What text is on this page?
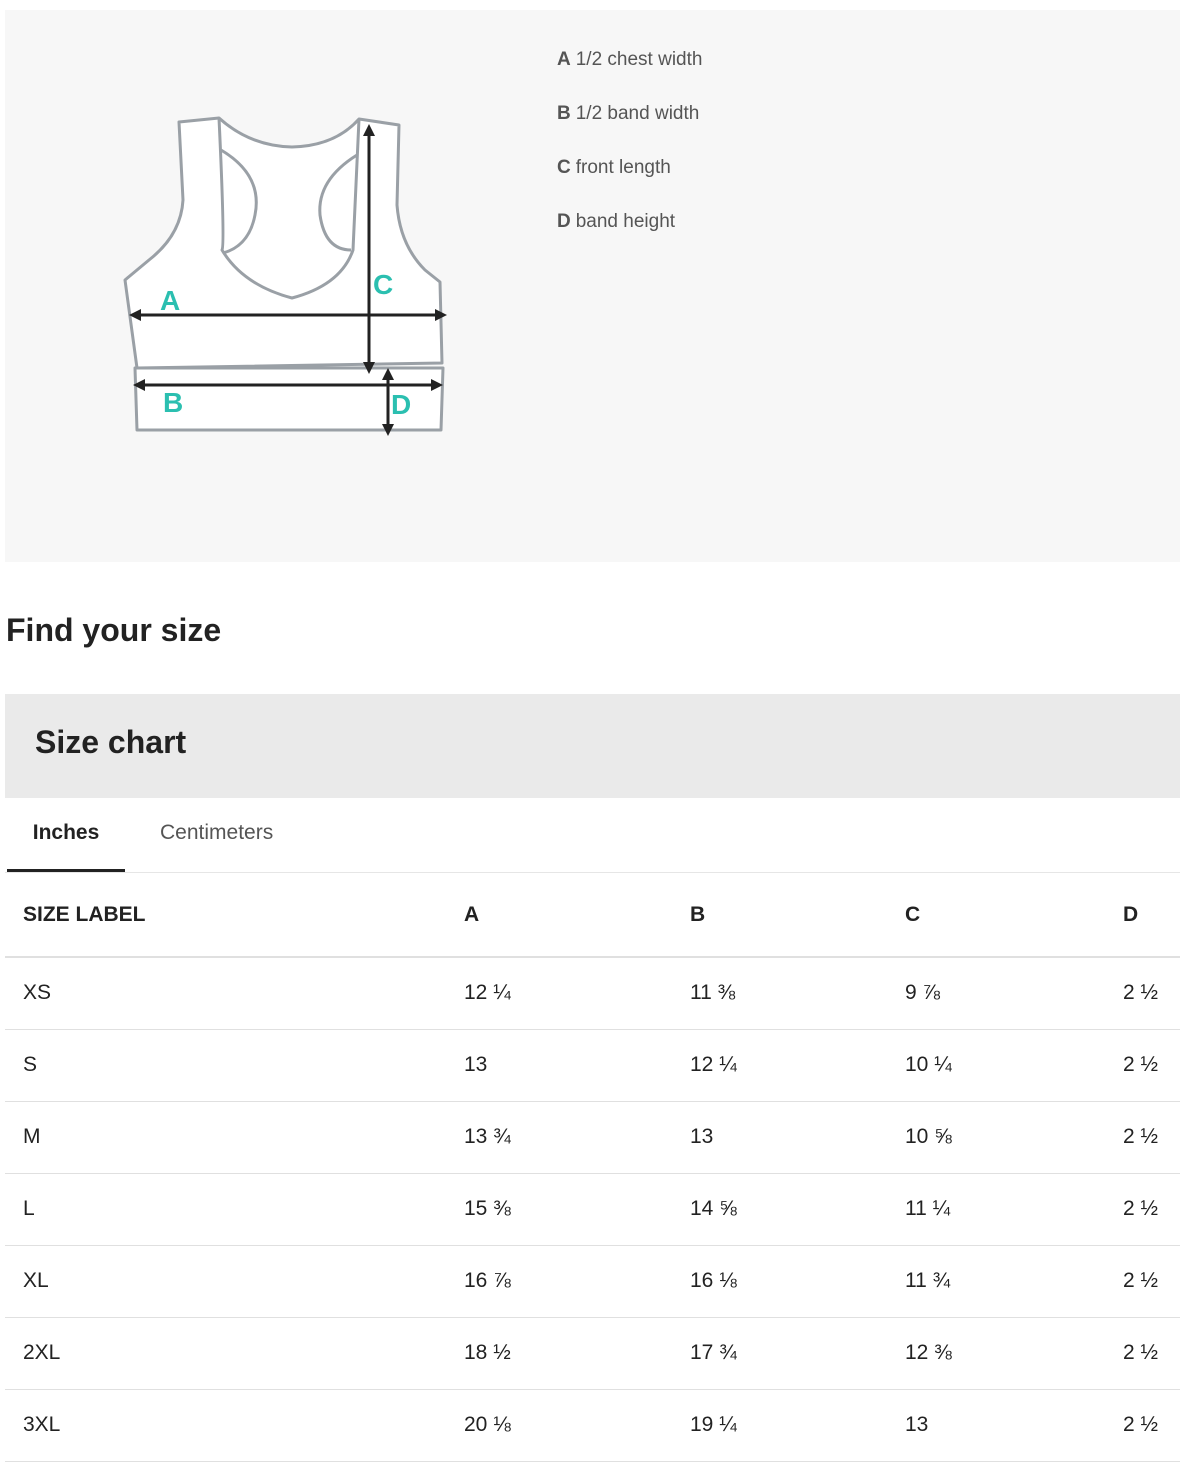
A
C
B	D
A 1/2 chest width
B 1/2 band width
C front length
D band height
Find your size
Size chart
Inches	Centimeters
SIZE LABEL	A	B	C	D
XS	12 ¼	11 ⅜	9 ⅞	2 ½
S	13	12 ¼	10 ¼	2 ½
M	13 ¾	13	10 ⅝	2 ½
L	15 ⅜	14 ⅝	11 ¼	2 ½
XL	16 ⅞	16 ⅛	11 ¾	2 ½
2XL	18 ½	17 ¾	12 ⅜	2 ½
3XL	20 ⅛	19 ¼	13	2 ½
